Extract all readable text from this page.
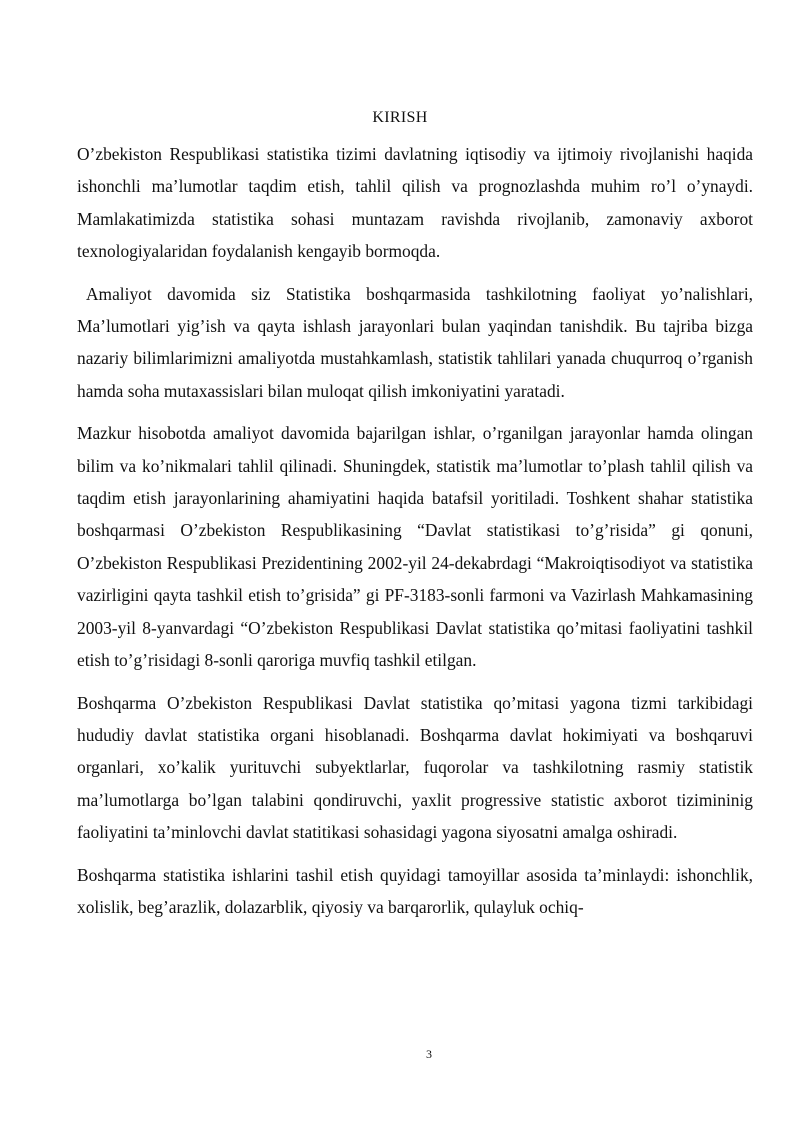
KIRISH

O’zbekiston Respublikasi statistika tizimi davlatning iqtisodiy va ijtimoiy rivojlanishi haqida ishonchli ma’lumotlar taqdim etish, tahlil qilish va prognozlashda muhim ro’l o’ynaydi. Mamlakatimizda statistika sohasi muntazam ravishda rivojlanib, zamonaviy axborot texnologiyalaridan foydalanish kengayib bormoqda.

Amaliyot davomida siz Statistika boshqarmasida tashkilotning faoliyat yo’nalishlari, Ma’lumotlari yig’ish va qayta ishlash jarayonlari bulan yaqindan tanishdik. Bu tajriba bizga nazariy bilimlarimizni amaliyotda mustahkamlash, statistik tahlilari yanada chuqurroq o’rganish hamda soha mutaxassislari bilan muloqat qilish imkoniyatini yaratadi.

Mazkur hisobotda amaliyot davomida bajarilgan ishlar, o’rganilgan jarayonlar hamda olingan bilim va ko’nikmalari tahlil qilinadi. Shuningdek, statistik ma’lumotlar to’plash tahlil qilish va taqdim etish jarayonlarining ahamiyatini haqida batafsil yoritiladi. Toshkent shahar statistika boshqarmasi O’zbekiston Respublikasining “Davlat statistikasi to’g’risida” gi qonuni, O’zbekiston Respublikasi Prezidentining 2002-yil 24-dekabrdagi “Makroiqtisodiyot va statistika vazirligini qayta tashkil etish to’grisida” gi PF-3183-sonli farmoni va Vazirlash Mahkamasining 2003-yil 8-yanvardagi “O’zbekiston Respublikasi Davlat statistika qo’mitasi faoliyatini tashkil etish to’g’risidagi 8-sonli qaroriga muvfiq tashkil etilgan.

Boshqarma O’zbekiston Respublikasi Davlat statistika qo’mitasi yagona tizmi tarkibidagi hududiy davlat statistika organi hisoblanadi. Boshqarma davlat hokimiyati va boshqaruvi organlari, xo’kalik yurituvchi subyektlarlar, fuqorolar va tashkilotning rasmiy statistik ma’lumotlarga bo’lgan talabini qondiruvchi, yaxlit progressive statistic axborot tizimininig faoliyatini ta’minlovchi davlat statitikasi sohasidagi yagona siyosatni amalga oshiradi.

Boshqarma statistika ishlarini tashil etish quyidagi tamoyillar asosida ta’minlaydi: ishonchlik, xolislik, beg’arazlik, dolazarblik, qiyosiy va barqarorlik, qulayluk ochiq-

3
